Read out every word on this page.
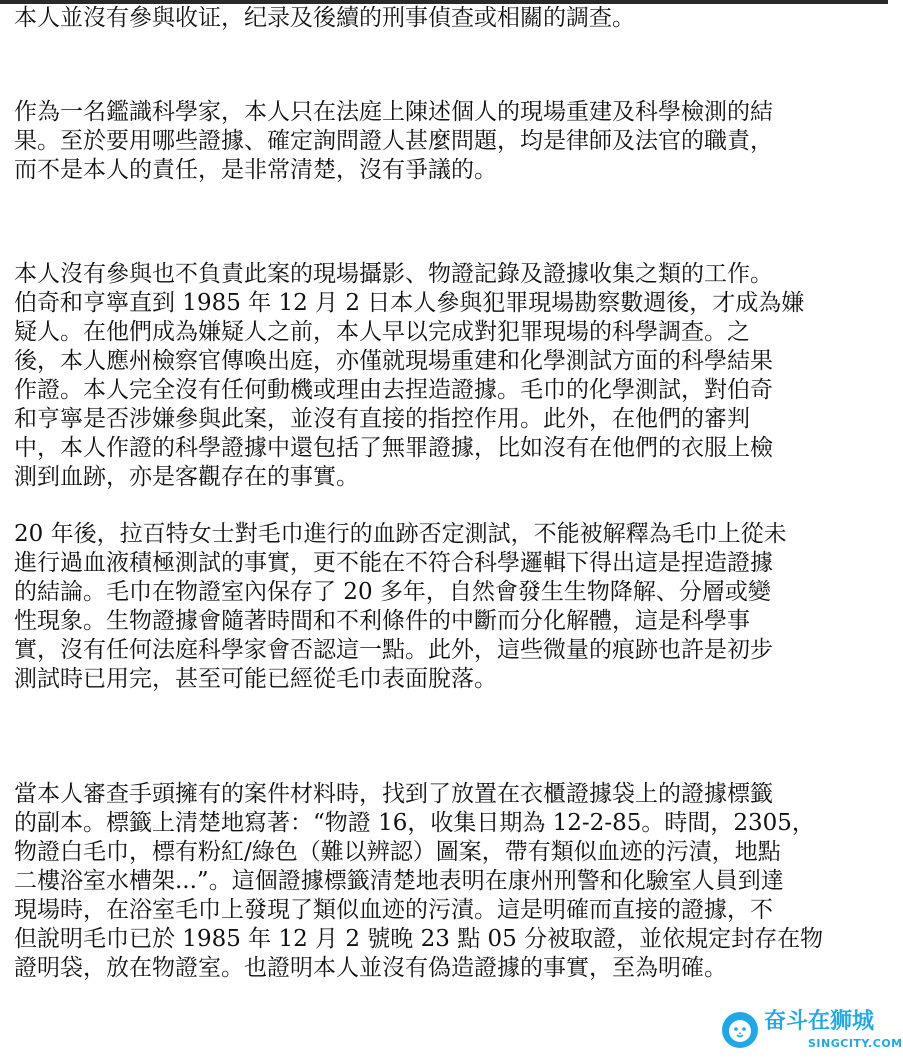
本人並沒有參與收证，纪录及後續的刑事偵查或相關的調查。
作為一名鑑識科學家，本人只在法庭上陳述個人的現場重建及科學檢測的結
果。至於要用哪些證據、確定詢問證人甚麼問題，均是律師及法官的職責，
而不是本人的責任，是非常清楚，沒有爭議的。
本人沒有參與也不負責此案的現場攝影、物證記錄及證據收集之類的工作。
伯奇和亨寧直到 1985 年 12 月 2 日本人參與犯罪現場勘察數週後，才成為嫌
疑人。在他們成為嫌疑人之前，本人早以完成對犯罪現場的科學調查。之
後，本人應州檢察官傳喚出庭，亦僅就現場重建和化學測試方面的科學結果
作證。本人完全沒有任何動機或理由去捏造證據。毛巾的化學測試，對伯奇
和亨寧是否涉嫌參與此案，並沒有直接的指控作用。此外，在他們的審判
中，本人作證的科學證據中還包括了無罪證據，比如沒有在他們的衣服上檢
測到血跡，亦是客觀存在的事實。
20 年後，拉百特女士對毛巾進行的血跡否定測試，不能被解釋為毛巾上從未
進行過血液積極測試的事實，更不能在不符合科學邏輯下得出這是捏造證據
的結論。毛巾在物證室內保存了 20 多年，自然會發生生物降解、分層或變
性現象。生物證據會隨著時間和不利條件的中斷而分化解體，這是科學事
實，沒有任何法庭科學家會否認這一點。此外，這些微量的痕跡也許是初步
測試時已用完，甚至可能已經從毛巾表面脫落。
當本人審查手頭擁有的案件材料時，找到了放置在衣櫃證據袋上的證據標籤
的副本。標籤上清楚地寫著：“物證 16，收集日期為 12-2-85。時間，2305，
物證白毛巾，標有粉紅/綠色（難以辨認）圖案，帶有類似血迹的污漬，地點
二樓浴室水槽架...”。這個證據標籤清楚地表明在康州刑警和化驗室人員到達
現場時，在浴室毛巾上發現了類似血迹的污漬。這是明確而直接的證據，不
但說明毛巾已於 1985 年 12 月 2 號晚 23 點 05 分被取證，並依規定封存在物
證明袋，放在物證室。也證明本人並沒有偽造證據的事實，至為明確。
奋斗在狮城
SINGCITY.COM
